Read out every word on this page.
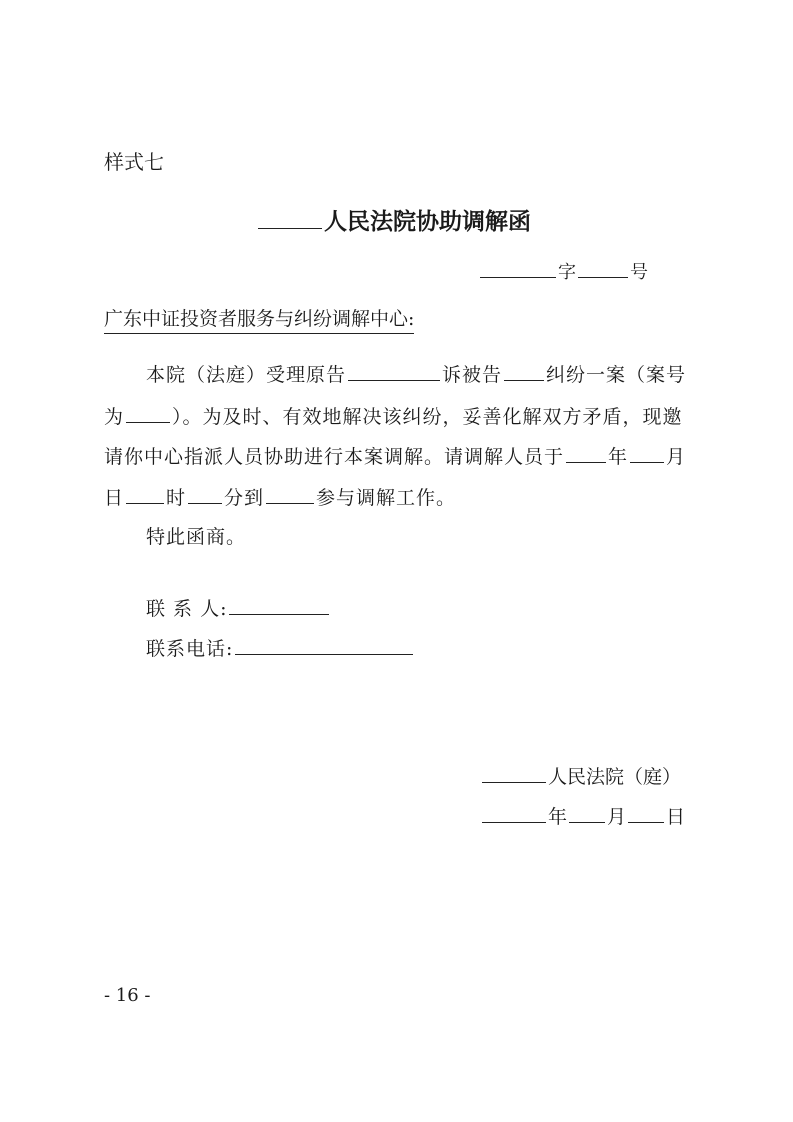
样式七
人民法院协助调解函
字	号
广东中证投资者服务与纠纷调解中心:
本院（法庭）受理原告	诉被告 纠纷一案（案号
为	）。为及时、有效地解决该纠纷，妥善化解双方矛盾，现邀
请你中心指派人员协助进行本案调解。请调解人员于 年 月
日 时 分到	参与调解工作。
特此函商。
联 系 人:
联系电话:
人民法院（庭）
年 月 日
- 16 -
